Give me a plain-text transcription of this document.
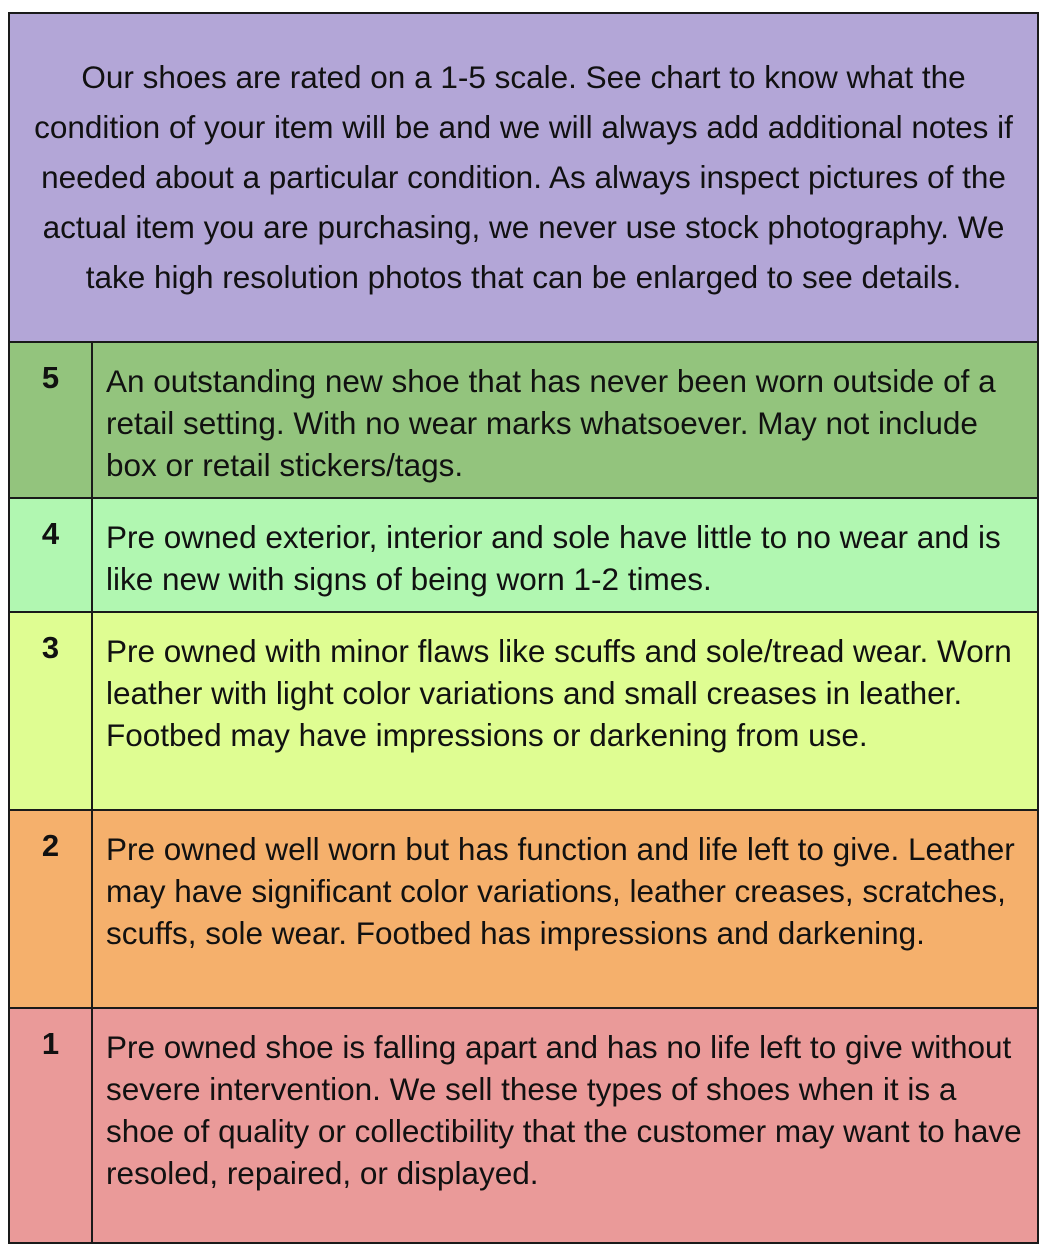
Our shoes are rated on a 1-5 scale. See chart to know what the condition of your item will be and we will always add additional notes if needed about a particular condition. As always inspect pictures of the actual item you are purchasing, we never use stock photography. We take high resolution photos that can be enlarged to see details.
5	An outstanding new shoe that has never been worn outside of a retail setting. With no wear marks whatsoever. May not include box or retail stickers/tags.
4	Pre owned exterior, interior and sole have little to no wear and is like new with signs of being worn 1-2 times.
3	Pre owned with minor flaws like scuffs and sole/tread wear. Worn leather with light color variations and small creases in leather. Footbed may have impressions or darkening from use.
2	Pre owned well worn but has function and life left to give. Leather may have significant color variations, leather creases, scratches, scuffs, sole wear. Footbed has impressions and darkening.
1	Pre owned shoe is falling apart and has no life left to give without severe intervention. We sell these types of shoes when it is a shoe of quality or collectibility that the customer may want to have resoled, repaired, or displayed.
